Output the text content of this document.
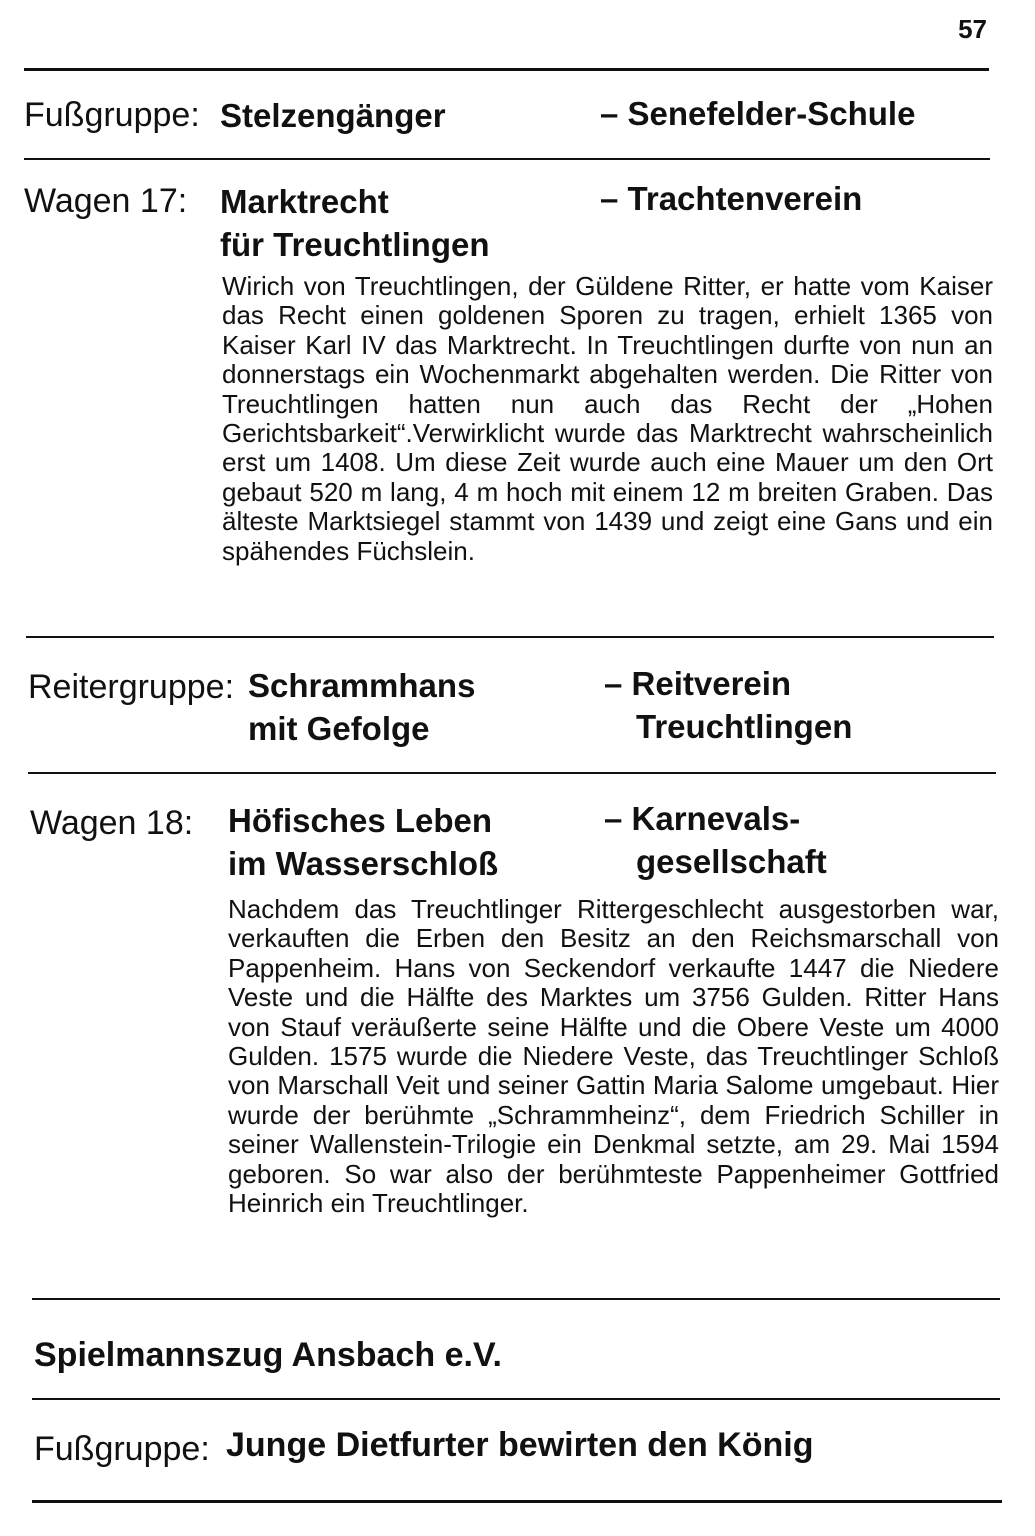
57
Fußgruppe: Stelzengänger	– Senefelder-Schule
Wagen 17: Marktrecht
für Treuchtlingen
– Trachtenverein
Wirich von Treuchtlingen, der Güldene Ritter, er hatte vom Kaiser das Recht einen goldenen Sporen zu tragen, erhielt 1365 von Kaiser Karl IV das Marktrecht. In Treuchtlingen durfte von nun an donnerstags ein Wochenmarkt abgehalten werden. Die Ritter von Treuchtlingen hatten nun auch das Recht der „Hohen Gerichtsbarkeit“.Verwirklicht wurde das Marktrecht wahrscheinlich erst um 1408. Um diese Zeit wurde auch eine Mauer um den Ort gebaut 520 m lang, 4 m hoch mit einem 12 m breiten Graben. Das älteste Marktsiegel stammt von 1439 und zeigt eine Gans und ein spähendes Füchslein.
Reitergruppe: Schrammhans
mit Gefolge
– Reitverein
Treuchtlingen
Wagen 18: Höfisches Leben
im Wasserschloß
– Karnevals-
gesellschaft
Nachdem das Treuchtlinger Rittergeschlecht ausgestorben war, verkauften die Erben den Besitz an den Reichsmarschall von Pappenheim. Hans von Seckendorf verkaufte 1447 die Niedere Veste und die Hälfte des Marktes um 3756 Gulden. Ritter Hans von Stauf veräußerte seine Hälfte und die Obere Veste um 4000 Gulden. 1575 wurde die Niedere Veste, das Treuchtlinger Schloß von Marschall Veit und seiner Gattin Maria Salome umgebaut. Hier wurde der berühmte „Schrammheinz“, dem Friedrich Schiller in seiner Wallenstein-Trilogie ein Denkmal setzte, am 29. Mai 1594 geboren. So war also der berühmteste Pappenheimer Gottfried Heinrich ein Treuchtlinger.
Spielmannszug Ansbach e.V.
Fußgruppe: Junge Dietfurter bewirten den König
